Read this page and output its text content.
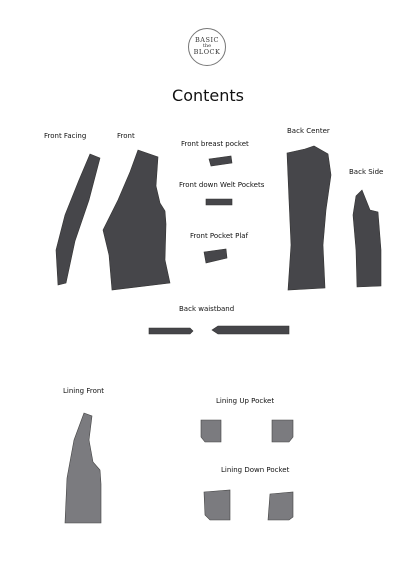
BASIC
the
BLOCK
Contents
Front Facing	Front
Front breast pocket
Front down Welt Pockets
Front Pocket Plaf
Back Center
Back Side
Back waistband
Lining Front
Lining Up Pocket
Lining Down Pocket
